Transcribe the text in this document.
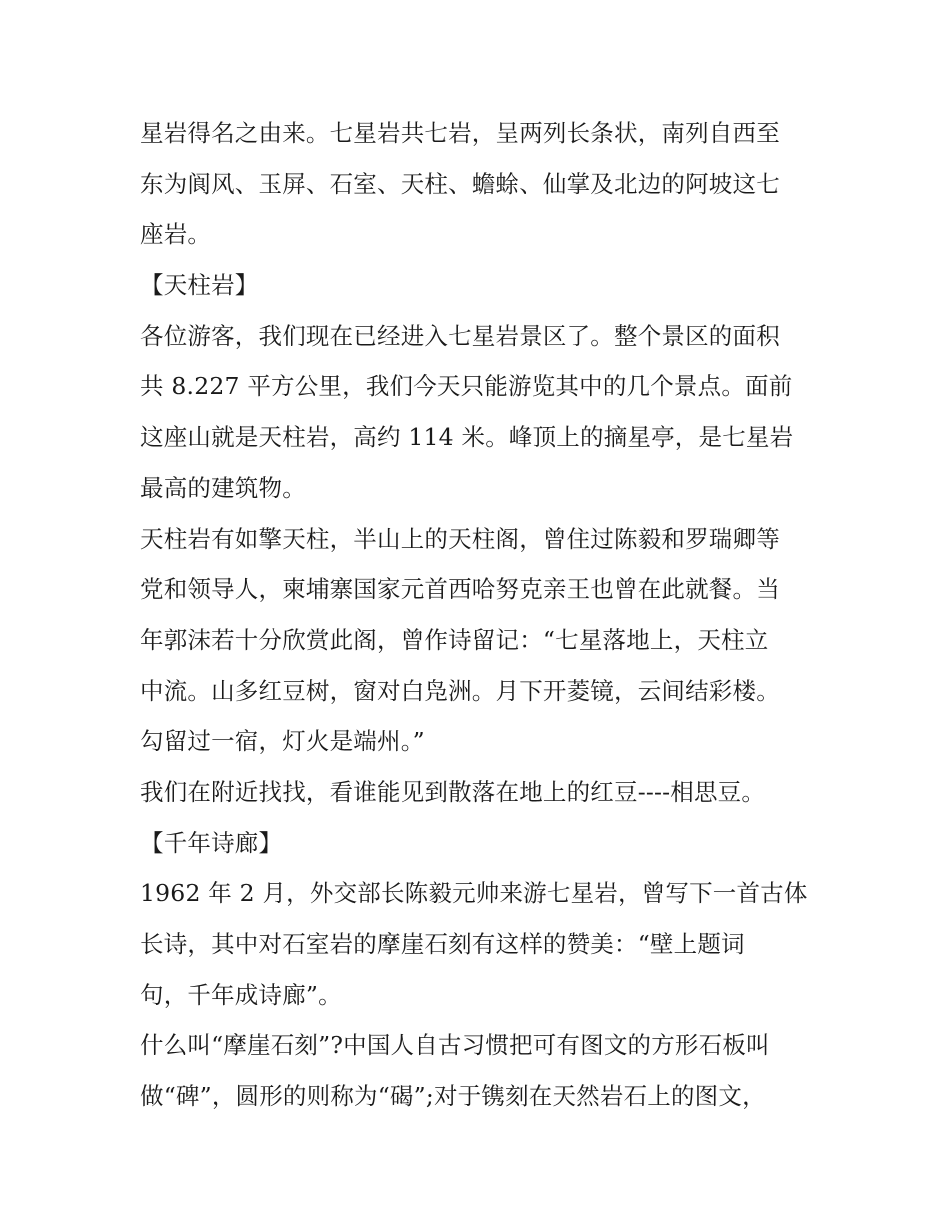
星岩得名之由来。七星岩共七岩，呈两列长条状，南列自西至
东为阆风、玉屏、石室、天柱、蟾蜍、仙掌及北边的阿坡这七
座岩。
【天柱岩】
各位游客，我们现在已经进入七星岩景区了。整个景区的面积
共 8.227 平方公里，我们今天只能游览其中的几个景点。面前
这座山就是天柱岩，高约 114 米。峰顶上的摘星亭，是七星岩
最高的建筑物。
天柱岩有如擎天柱，半山上的天柱阁，曾住过陈毅和罗瑞卿等
党和领导人，柬埔寨国家元首西哈努克亲王也曾在此就餐。当
年郭沫若十分欣赏此阁，曾作诗留记：“七星落地上，天柱立
中流。山多红豆树，窗对白凫洲。月下开菱镜，云间结彩楼。
勾留过一宿，灯火是端州。”
我们在附近找找，看谁能见到散落在地上的红豆----相思豆。
【千年诗廊】
1962 年 2 月，外交部长陈毅元帅来游七星岩，曾写下一首古体
长诗，其中对石室岩的摩崖石刻有这样的赞美：“壁上题词
句，千年成诗廊”。
什么叫“摩崖石刻”?中国人自古习惯把可有图文的方形石板叫
做“碑”，圆形的则称为“碣”;对于镌刻在天然岩石上的图文，
